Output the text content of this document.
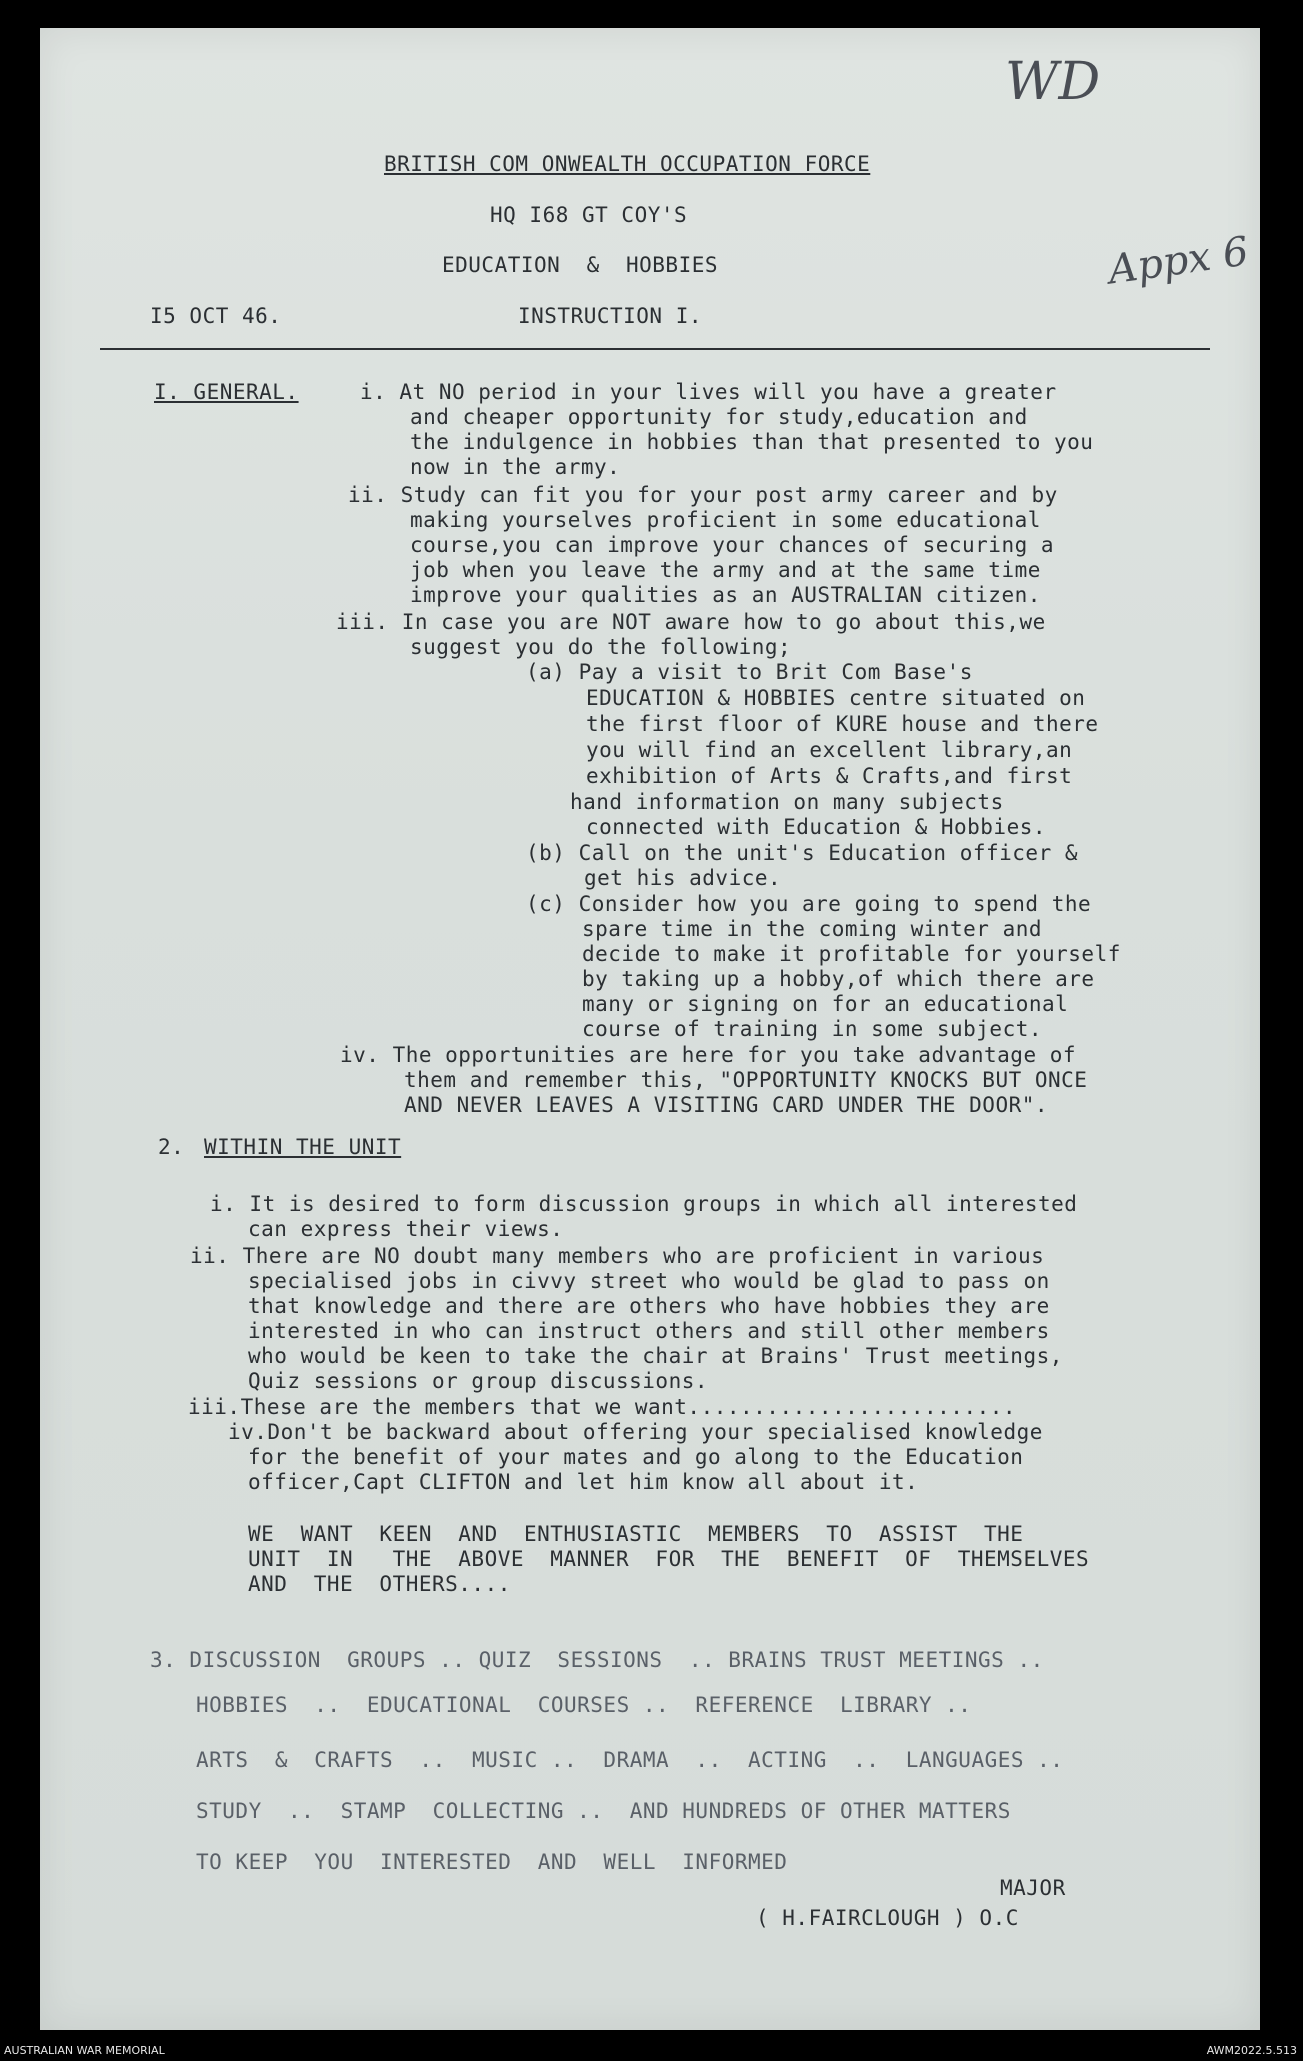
WD
Appx 6
BRITISH COM ONWEALTH OCCUPATION FORCE
HQ I68 GT COY'S
EDUCATION  &  HOBBIES
I5 OCT 46.	INSTRUCTION I.
I. GENERAL.	i. At NO period in your lives will you have a greater
and cheaper opportunity for study,education and
the indulgence in hobbies than that presented to you
now in the army.
ii. Study can fit you for your post army career and by
making yourselves proficient in some educational
course,you can improve your chances of securing a
job when you leave the army and at the same time
improve your qualities as an AUSTRALIAN citizen.
iii. In case you are NOT aware how to go about this,we
suggest you do the following;
(a) Pay a visit to Brit Com Base's
EDUCATION & HOBBIES centre situated on
the first floor of KURE house and there
you will find an excellent library,an
exhibition of Arts & Crafts,and first
hand information on many subjects
connected with Education & Hobbies.
(b) Call on the unit's Education officer &
get his advice.
(c) Consider how you are going to spend the
spare time in the coming winter and
decide to make it profitable for yourself
by taking up a hobby,of which there are
many or signing on for an educational
course of training in some subject.
iv. The opportunities are here for you take advantage of
them and remember this, "OPPORTUNITY KNOCKS BUT ONCE
AND NEVER LEAVES A VISITING CARD UNDER THE DOOR".
2. WITHIN THE UNIT
i. It is desired to form discussion groups in which all interested
can express their views.
ii. There are NO doubt many members who are proficient in various
specialised jobs in civvy street who would be glad to pass on
that knowledge and there are others who have hobbies they are
interested in who can instruct others and still other members
who would be keen to take the chair at Brains' Trust meetings,
Quiz sessions or group discussions.
iii.These are the members that we want.........................
iv.Don't be backward about offering your specialised knowledge
for the benefit of your mates and go along to the Education
officer,Capt CLIFTON and let him know all about it.
WE  WANT  KEEN  AND  ENTHUSIASTIC  MEMBERS  TO  ASSIST  THE
UNIT  IN   THE  ABOVE  MANNER  FOR  THE  BENEFIT  OF  THEMSELVES
AND  THE  OTHERS....
3. DISCUSSION  GROUPS .. QUIZ  SESSIONS  .. BRAINS TRUST MEETINGS ..
HOBBIES  ..  EDUCATIONAL  COURSES ..  REFERENCE  LIBRARY ..
ARTS  &  CRAFTS  ..  MUSIC ..  DRAMA  ..  ACTING  ..  LANGUAGES ..
STUDY  ..  STAMP  COLLECTING ..  AND HUNDREDS OF OTHER MATTERS
TO KEEP  YOU  INTERESTED  AND  WELL  INFORMED
MAJOR
( H.FAIRCLOUGH ) O.C
AUSTRALIAN WAR MEMORIAL	AWM2022.5.513
